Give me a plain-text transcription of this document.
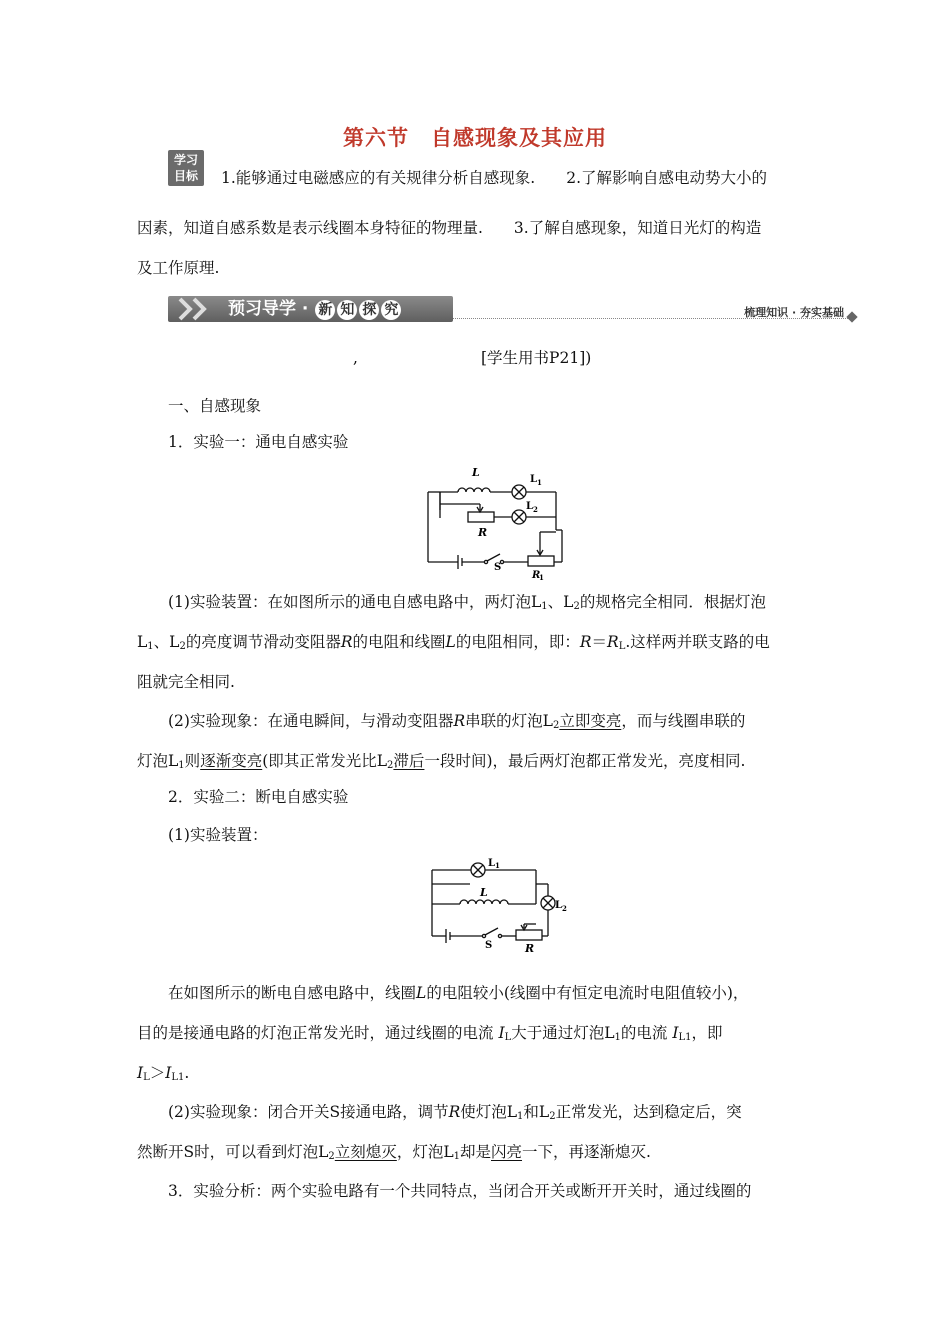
第六节 自感现象及其应用
学习
目标	1.能够通过电磁感应的有关规律分析自感现象.　　2.了解影响自感电动势大小的
因素，知道自感系数是表示线圈本身特征的物理量.　　3.了解自感现象，知道日光灯的构造
及工作原理.
预习导学 · 新 知 探 究	梳理知识 · 夯实基础
,	[学生用书P21])
一、自感现象
1．实验一：通电自感实验
L
L 1
L 2
R
S
R
1
(1)实验装置：在如图所示的通电自感电路中，两灯泡$L_1$、$L_2$的规格完全相同．根据灯泡
$L_1$、$L_2$的亮度调节滑动变阻器R的电阻和线圈L的电阻相同，即：$R=R_L$.这样两并联支路的电
阻就完全相同.
(2)实验现象：在通电瞬间，与滑动变阻器R串联的灯泡$L_2$立即变亮，而与线圈串联的
灯泡$L_1$则逐渐变亮(即其正常发光比$L_2$滞后一段时间)，最后两灯泡都正常发光，亮度相同.
2．实验二：断电自感实验
(1)实验装置：
L 1
L
L 2
S	R
在如图所示的断电自感电路中，线圈L的电阻较小(线圈中有恒定电流时电阻值较小)，
目的是接通电路的灯泡正常发光时，通过线圈的电流 $I_L$大于通过灯泡$L_1$的电流 $I_{L1}$，即
$I_L>I_{L1}$.
(2)实验现象：闭合开关S接通电路，调节R使灯泡$L_1$和$L_2$正常发光，达到稳定后，突
然断开S时，可以看到灯泡$L_2$立刻熄灭，灯泡$L_1$却是闪亮一下，再逐渐熄灭.
3．实验分析：两个实验电路有一个共同特点，当闭合开关或断开开关时，通过线圈的
